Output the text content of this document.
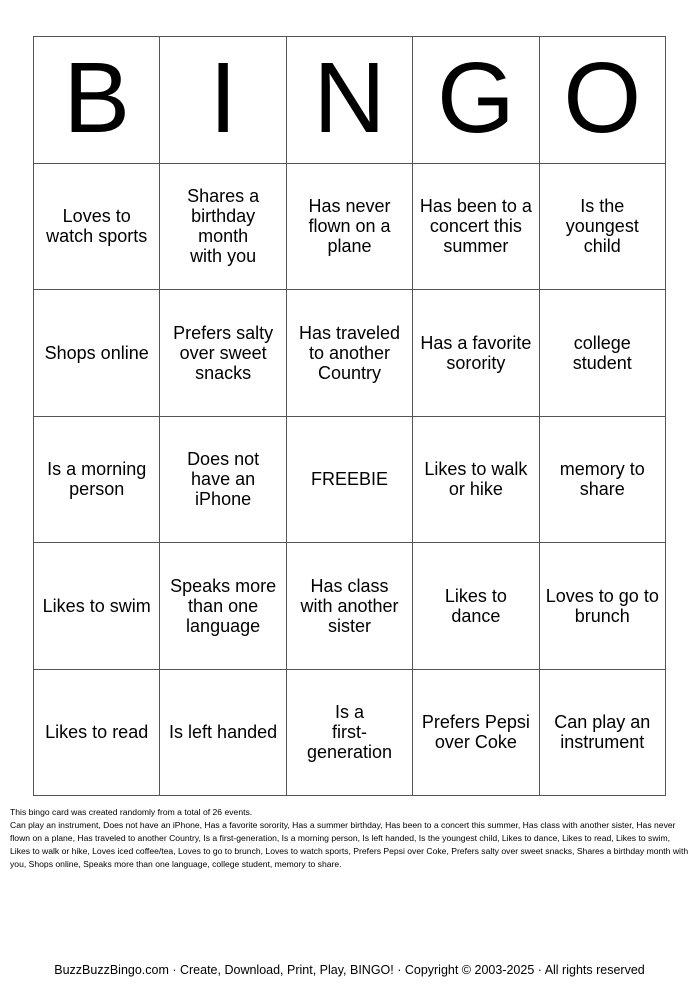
B I N G O
Loves to
watch sports
Shares a
birthday month
with you
Has never
flown on a
plane
Has been to a
concert this
summer
Is the
youngest
child
Shops online
Prefers salty
over sweet
snacks
Has traveled
to another
Country
Has a favorite
sorority
college
student
Is a morning
person
Does not
have an
iPhone
FREEBIE	Likes to walk
or hike
memory to
share
Likes to swim
Speaks more
than one
language
Has class
with another
sister
Likes to
dance
Loves to go to
brunch
Likes to read	Is left handed
Is a
first-generation
Prefers Pepsi
over Coke
Can play an
instrument

This bingo card was created randomly from a total of 26 events.

Can play an instrument, Does not have an iPhone, Has a favorite sorority, Has a summer birthday, Has been to a concert this summer, Has class with another sister, Has never flown on a plane, Has traveled to another Country, Is a first-generation, Is a morning person, Is left handed, Is the youngest child, Likes to dance, Likes to read, Likes to swim, Likes to walk or hike, Loves iced coffee/tea, Loves to go to brunch, Loves to watch sports, Prefers Pepsi over Coke, Prefers salty over sweet snacks, Shares a birthday month with you, Shops online, Speaks more than one language, college student, memory to share.

BuzzBuzzBingo.com · Create, Download, Print, Play, BINGO! · Copyright © 2003-2025 · All rights reserved
